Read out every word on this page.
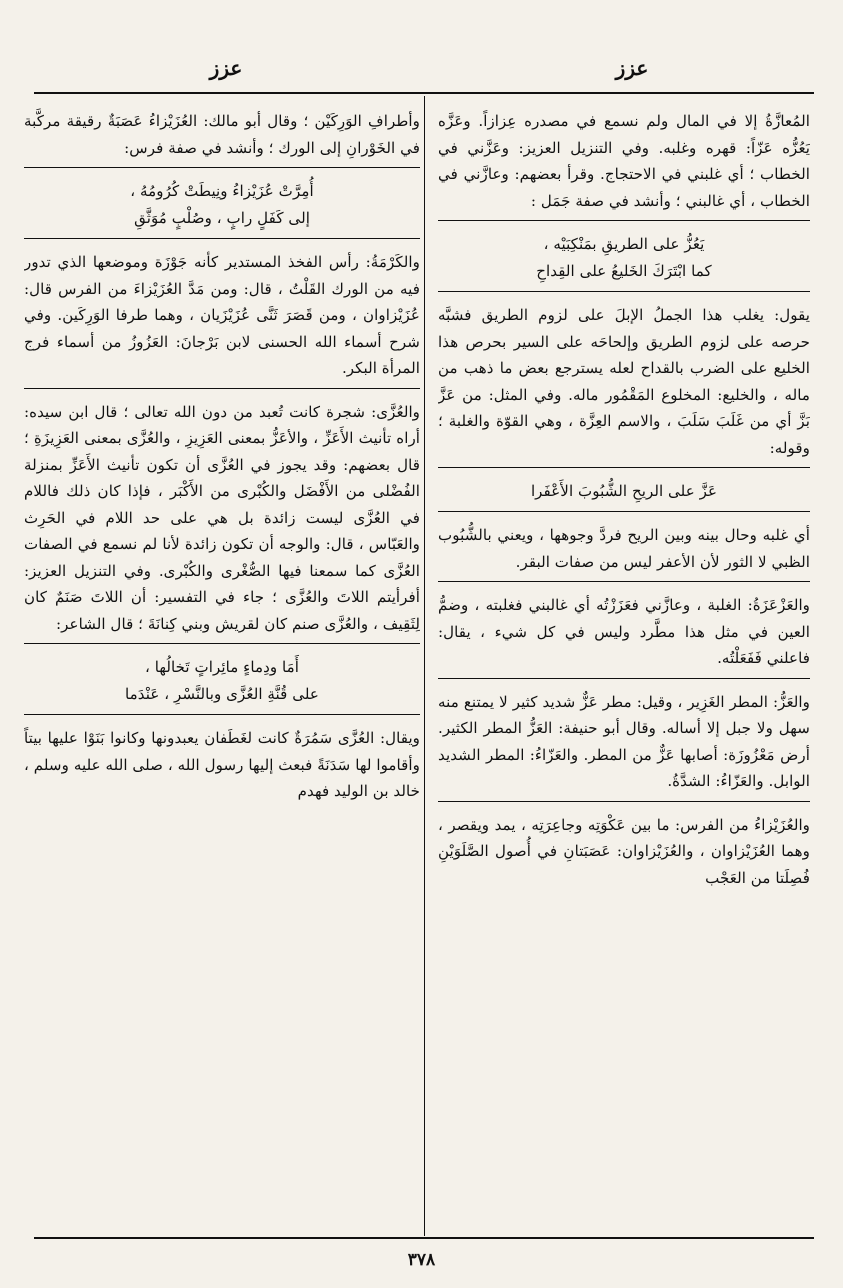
عزز
عزز
المُعازَّةُ إلا في المال ولم نسمع في مصدره عِزازاً. وعَزَّه يَعُزُّه عَزّاً: قهره وغلبه. وفي التنزيل العزيز: وعَزَّني في الخطاب ؛ أي غلبني في الاحتجاج. وقرأ بعضهم: وعازَّني في الخطاب ، أي غالبني ؛ وأنشد في صفة جَمَل :
يَعُزُّ على الطريقِ بمَنْكِبَيْه ،
كما ابْتَرَكَ الخَليعُ على القِداحِ
يقول: يغلب هذا الجملُ الإبلَ على لزوم الطريق فشبَّه حرصه على لزوم الطريق وإلحاحَه على السير بحرص هذا الخليع على الضرب بالقداح لعله يسترجع بعض ما ذهب من ماله ، والخليع: المخلوع المَقْمُور ماله. وفي المثل: من عَزَّ بَزَّ أي من غَلَبَ سَلَبَ ، والاسم العِزَّة ، وهي القوّة والغلبة ؛ وقوله:
عَزَّ على الريحِ الشُّبُوبَ الأَعْفَرا
أي غلبه وحال بينه وبين الريح فردَّ وجوهها ، ويعني بالشُّبُوب الظبي لا الثور لأن الأعفر ليس من صفات البقر.
والعَزْعَزَةُ: الغلبة ، وعازَّني فعَزَزْتُه أي غالبني فغلبته ، وضمُّ العين في مثل هذا مطَّرد وليس في كل شيء ، يقال: فاعلني فَفَعَلْتُه.
والعَزُّ: المطر الغَزِير ، وقيل: مطر عَزٌّ شديد كثير لا يمتنع منه سهل ولا جبل إلا أساله. وقال أبو حنيفة: العَزُّ المطر الكثير. أرض مَعْزُوزَة: أصابها عَزٌّ من المطر. والعَزّاءُ: المطر الشديد الوابل. والعَزّاءُ: الشدَّةُ.
والعُزَيْزاءُ من الفرس: ما بين عَكْوَتِه وجاعِرَتِه ، يمد ويقصر ، وهما العُزَيْزاوان ، والعُزَيْزاوان: عَصَبَتانِ في أُصول الصَّلَوَيْنِ فُصِلَتا من العَجْب
وأطرافِ الوَرِكَيْن ؛ وقال أبو مالك: العُزَيْزاءُ عَصَبَةٌ رقيقة مركَّبة في الخَوْرانِ إلى الورك ؛ وأنشد في صفة فرس:
أُمِرَّتْ عُزَيْزاءُ ونِيطَتْ كُرُومُهُ ،
إلى كَفَلٍ رابٍ ، وصُلْبٍ مُوَثَّقِ
والكَرْمَةُ: رأس الفخذ المستدير كأنه جَوْزَة وموضعها الذي تدور فيه من الورك القَلْتُ ، قال: ومن مَدَّ العُزَيْزاءَ من الفرس قال: عُزَيْزاوان ، ومن قَصَرَ ثَنَّى عُزَيْزَيان ، وهما طرفا الوَرِكَين. وفي شرح أسماء الله الحسنى لابن بَرْجانَ: العَزُوزُ من أسماء فرج المرأة البكر.
والعُزَّى: شجرة كانت تُعبد من دون الله تعالى ؛ قال ابن سيده: أراه تأنيث الأَعَزِّ ، والأعَزُّ بمعنى العَزِيزِ ، والعُزَّى بمعنى العَزِيزَةِ ؛ قال بعضهم: وقد يجوز في العُزَّى أن تكون تأنيث الأَعَزِّ بمنزلة الفُضْلى من الأَفْضَل والكُبْرى من الأَكْبَر ، فإذا كان ذلك فاللام في العُزَّى ليست زائدة بل هي على حد اللام في الحَرِث والعَبّاس ، قال: والوجه أن تكون زائدة لأنا لم نسمع في الصفات العُزَّى كما سمعنا فيها الصُّغْرى والكُبْرى. وفي التنزيل العزيز: أفرأيتم اللاتَ والعُزَّى ؛ جاء في التفسير: أن اللاتَ صَنَمٌ كان لِثَقِيف ، والعُزَّى صنم كان لقريش وبني كِنانَةَ ؛ قال الشاعر:
أَمَا ودِماءٍ مائِراتٍ تَخالُها ،
على قُنَّةِ العُزَّى وبالنَّسْرِ ، عَنْدَما
ويقال: العُزَّى سَمُرَةٌ كانت لغَطَفان يعبدونها وكانوا بَنَوْا عليها بيتاً وأقاموا لها سَدَنَةً فبعث إليها رسول الله ، صلى الله عليه وسلم ، خالد بن الوليد فهدم
٣٧٨
